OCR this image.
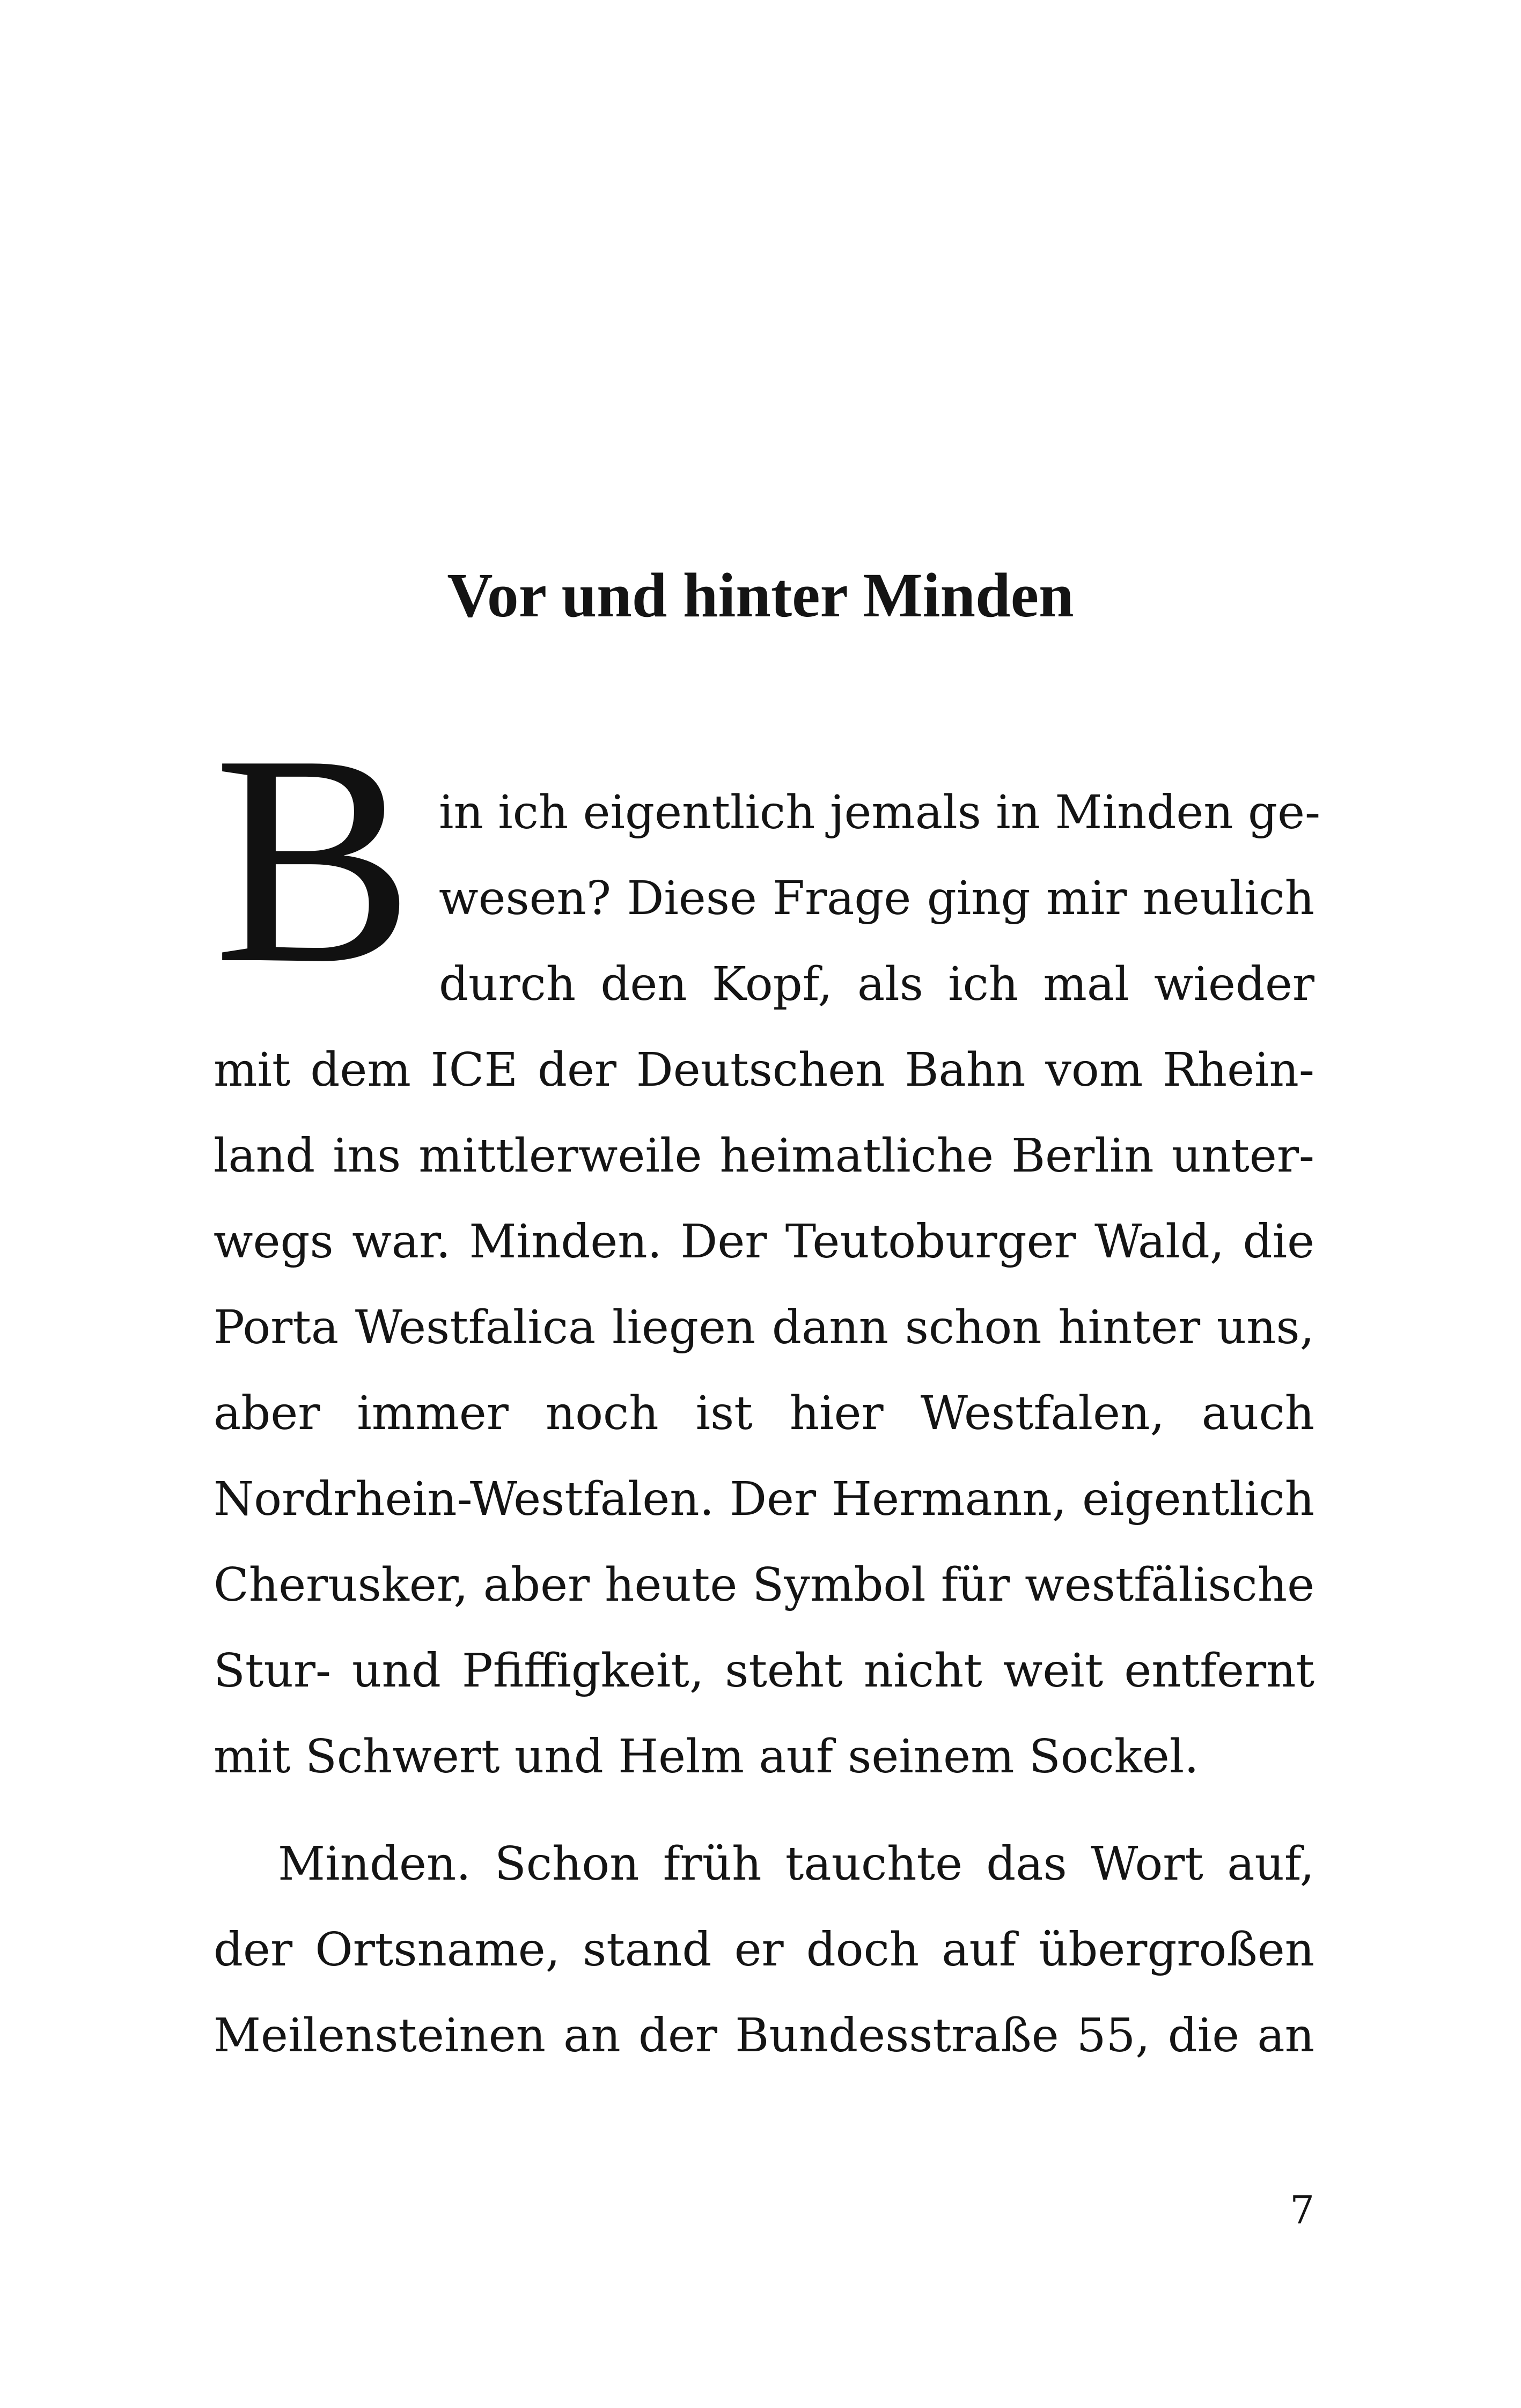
Vor und hinter Minden
B in ich eigentlich jemals in Minden ge-
wesen? Diese Frage ging mir neulich
durch den Kopf, als ich mal wieder
mit dem ICE der Deutschen Bahn vom Rhein-
land ins mittlerweile heimatliche Berlin unter-
wegs war. Minden. Der Teutoburger Wald, die
Porta Westfalica liegen dann schon hinter uns,
aber immer noch ist hier Westfalen, auch
Nordrhein-Westfalen. Der Hermann, eigentlich
Cherusker, aber heute Symbol für westfälische
Stur- und Pfiffigkeit, steht nicht weit entfernt
mit Schwert und Helm auf seinem Sockel.
Minden. Schon früh tauchte das Wort auf,
der Ortsname, stand er doch auf übergroßen
Meilensteinen an der Bundesstraße 55, die an
7
